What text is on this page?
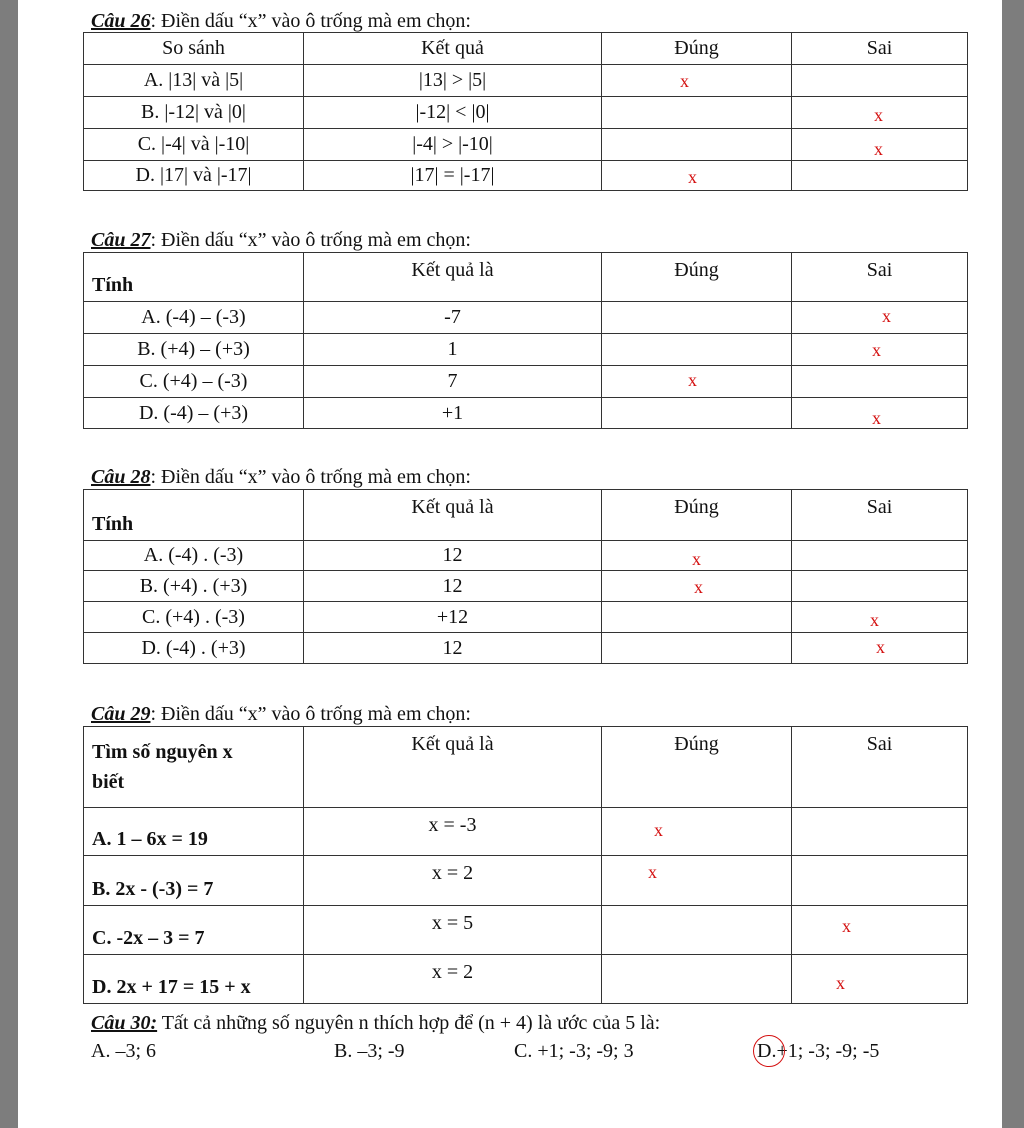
Câu 26: Điền dấu “x” vào ô trống mà em chọn:
So sánh	Kết quả	Đúng	Sai
A. |13| và |5|	|13| > |5|	x	

B. |-12| và |0|	|-12| < |0|		x

C. |-4| và |-10|	|-4| > |-10|		x

D. |17| và |-17|	|17| = |-17|	x	

Câu 27: Điền dấu “x” vào ô trống mà em chọn:
Tính	Kết quả là	Đúng	Sai
A. (-4) – (-3)	-7		x

B. (+4) – (+3)	1		x

C. (+4) – (-3)	7	x	

D. (-4) – (+3)	+1		x
Câu 28: Điền dấu “x” vào ô trống mà em chọn:
Tính	Kết quả là	Đúng	Sai
A. (-4) . (-3)	12	x	

B. (+4) . (+3)	12	x	

C. (+4) . (-3)	+12		x

D. (-4) . (+3)	12		x
Câu 29: Điền dấu “x” vào ô trống mà em chọn:
Tìm số nguyên x biết	Kết quả là	Đúng	Sai
A. 1 – 6x = 19	x = -3	x	

B. 2x - (-3) = 7	x = 2	x	

C. -2x – 3 = 7	x = 5		x

D. 2x + 17 = 15 + x	x = 2		x
Câu 30: Tất cả những số nguyên n thích hợp để (n + 4) là ước của 5 là:
A. –3; 6	B. –3; -9	C. +1; -3; -9; 3	D.+1; -3; -9; -5
